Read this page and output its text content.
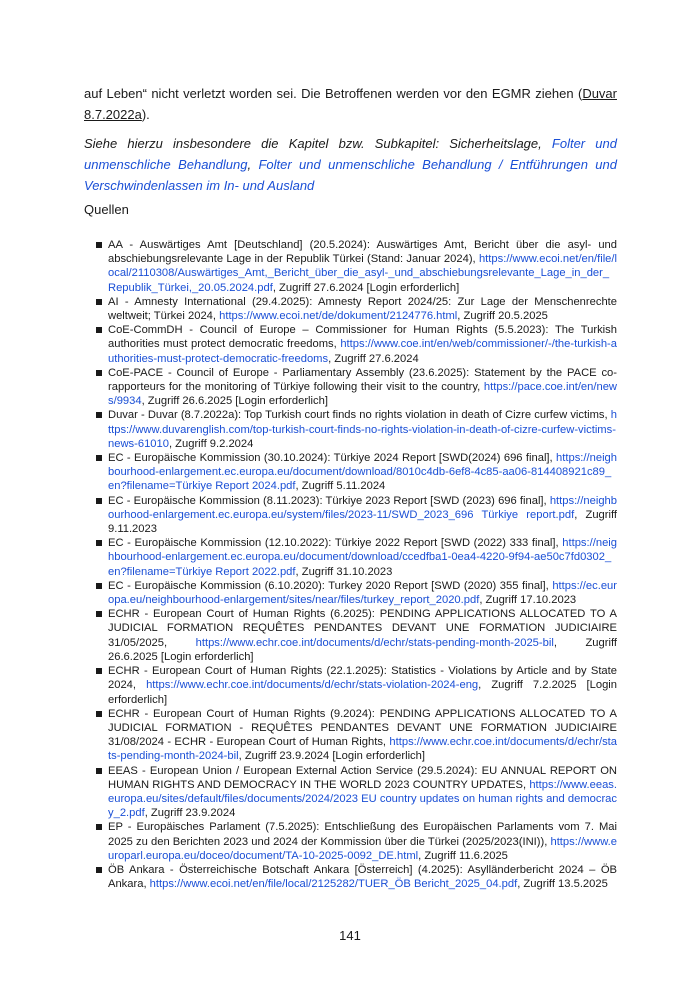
auf Leben“ nicht verletzt worden sei. Die Betroffenen werden vor den EGMR ziehen (Duvar 8.7.2022a).

Siehe hierzu insbesondere die Kapitel bzw. Subkapitel: Sicherheitslage, Folter und unmenschliche Behandlung, Folter und unmenschliche Behandlung / Entführungen und Verschwindenlassen im In- und Ausland

Quellen

AA - Auswärtiges Amt [Deutschland] (20.5.2024): Auswärtiges Amt, Bericht über die asyl- und abschiebungsrelevante Lage in der Republik Türkei (Stand: Januar 2024), https://www.ecoi.net/en/file/local/2110308/Auswärtiges_Amt,_Bericht_über_die_asyl-_und_abschiebungsrelevante_Lage_in_der_Republik_Türkei,_20.05.2024.pdf, Zugriff 27.6.2024 [Login erforderlich]
AI - Amnesty International (29.4.2025): Amnesty Report 2024/25: Zur Lage der Menschenrechte weltweit; Türkei 2024, https://www.ecoi.net/de/dokument/2124776.html, Zugriff 20.5.2025
CoE-CommDH - Council of Europe – Commissioner for Human Rights (5.5.2023): The Turkish authorities must protect democratic freedoms, https://www.coe.int/en/web/commissioner/-/the-turkish-authorities-must-protect-democratic-freedoms, Zugriff 27.6.2024
CoE-PACE - Council of Europe - Parliamentary Assembly (23.6.2025): Statement by the PACE co-rapporteurs for the monitoring of Türkiye following their visit to the country, https://pace.coe.int/en/news/9934, Zugriff 26.6.2025 [Login erforderlich]
Duvar - Duvar (8.7.2022a): Top Turkish court finds no rights violation in death of Cizre curfew victims, https://www.duvarenglish.com/top-turkish-court-finds-no-rights-violation-in-death-of-cizre-curfew-victims-news-61010, Zugriff 9.2.2024
EC - Europäische Kommission (30.10.2024): Türkiye 2024 Report [SWD(2024) 696 final], https://neighbourhood-enlargement.ec.europa.eu/document/download/8010c4db-6ef8-4c85-aa06-814408921c89_en?filename=Türkiye Report 2024.pdf, Zugriff 5.11.2024
EC - Europäische Kommission (8.11.2023): Türkiye 2023 Report [SWD (2023) 696 final], https://neighbourhood-enlargement.ec.europa.eu/system/files/2023-11/SWD_2023_696 Türkiye report.pdf, Zugriff 9.11.2023
EC - Europäische Kommission (12.10.2022): Türkiye 2022 Report [SWD (2022) 333 final], https://neighbourhood-enlargement.ec.europa.eu/document/download/ccedfba1-0ea4-4220-9f94-ae50c7fd0302_en?filename=Türkiye Report 2022.pdf, Zugriff 31.10.2023
EC - Europäische Kommission (6.10.2020): Turkey 2020 Report [SWD (2020) 355 final], https://ec.europa.eu/neighbourhood-enlargement/sites/near/files/turkey_report_2020.pdf, Zugriff 17.10.2023
ECHR - European Court of Human Rights (6.2025): PENDING APPLICATIONS ALLOCATED TO A JUDICIAL FORMATION REQUÊTES PENDANTES DEVANT UNE FORMATION JUDICIAIRE 31/05/2025, https://www.echr.coe.int/documents/d/echr/stats-pending-month-2025-bil, Zugriff 26.6.2025 [Login erforderlich]
ECHR - European Court of Human Rights (22.1.2025): Statistics - Violations by Article and by State 2024, https://www.echr.coe.int/documents/d/echr/stats-violation-2024-eng, Zugriff 7.2.2025 [Login erforderlich]
ECHR - European Court of Human Rights (9.2024): PENDING APPLICATIONS ALLOCATED TO A JUDICIAL FORMATION - REQUÊTES PENDANTES DEVANT UNE FORMATION JUDICIAIRE 31/08/2024 - ECHR - European Court of Human Rights, https://www.echr.coe.int/documents/d/echr/stats-pending-month-2024-bil, Zugriff 23.9.2024 [Login erforderlich]
EEAS - European Union / European External Action Service (29.5.2024): EU ANNUAL REPORT ON HUMAN RIGHTS AND DEMOCRACY IN THE WORLD 2023 COUNTRY UPDATES, https://www.eeas.europa.eu/sites/default/files/documents/2024/2023 EU country updates on human rights and democracy_2.pdf, Zugriff 23.9.2024
EP - Europäisches Parlament (7.5.2025): Entschließung des Europäischen Parlaments vom 7. Mai 2025 zu den Berichten 2023 und 2024 der Kommission über die Türkei (2025/2023(INI)), https://www.europarl.europa.eu/doceo/document/TA-10-2025-0092_DE.html, Zugriff 11.6.2025
ÖB Ankara - Österreichische Botschaft Ankara [Österreich] (4.2025): Asylländerbericht 2024 – ÖB Ankara, https://www.ecoi.net/en/file/local/2125282/TUER_ÖB Bericht_2025_04.pdf, Zugriff 13.5.2025

141
